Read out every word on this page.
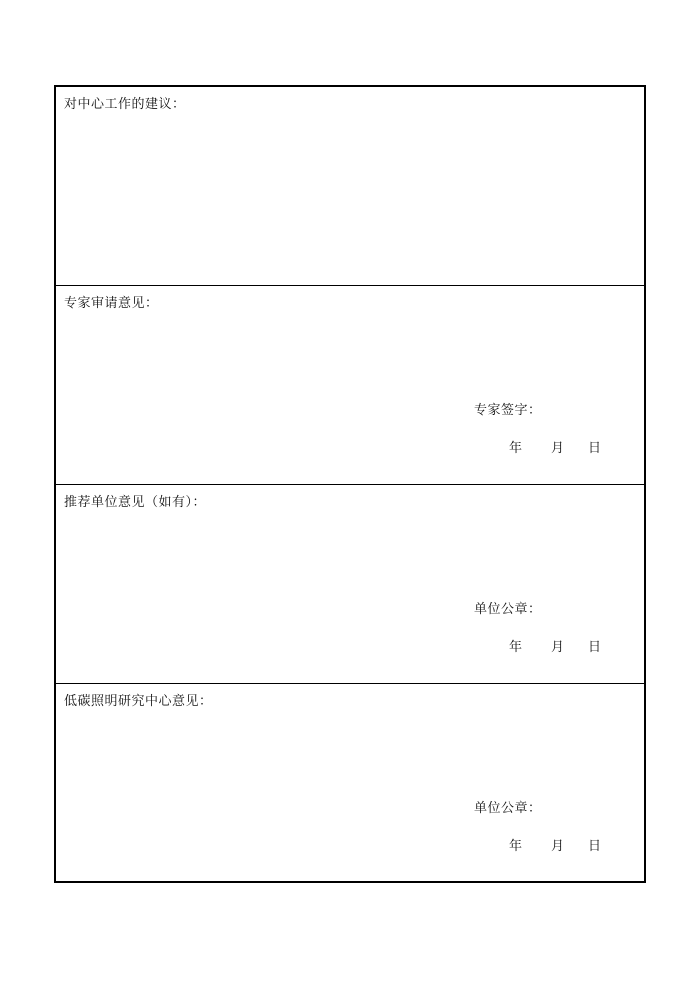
对中心工作的建议：
专家审请意见：
专家签字：
年 月 日
推荐单位意见（如有）：
单位公章：
年 月 日
低碳照明研究中心意见：
单位公章：
年 月 日
